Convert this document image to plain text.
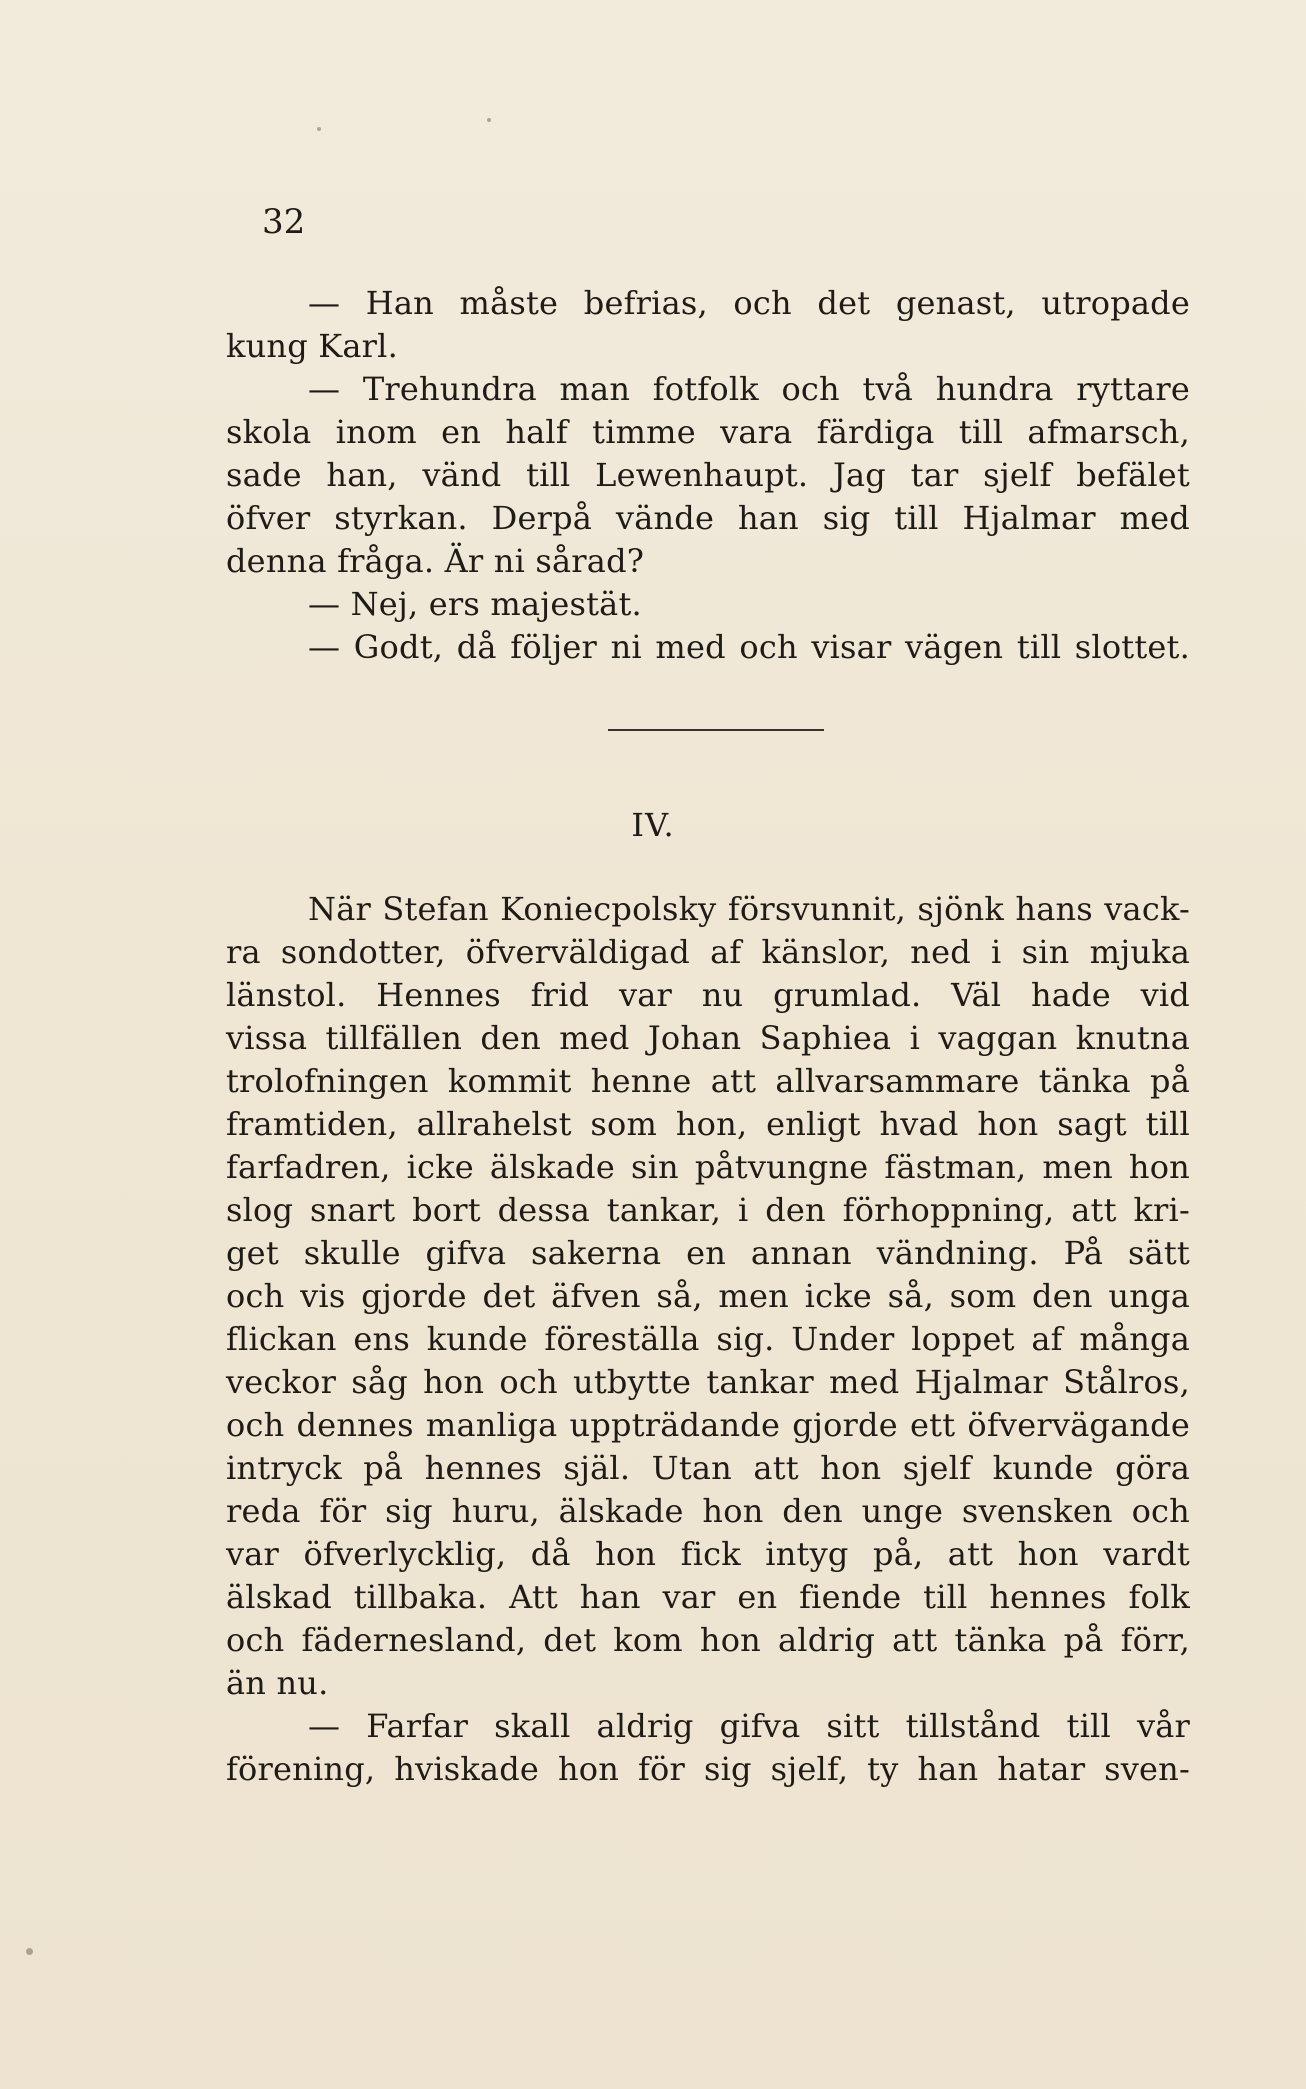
32
— Han måste befrias, och det genast, utropade
kung Karl.
— Trehundra man fotfolk och två hundra ryttare
skola inom en half timme vara färdiga till afmarsch,
sade han, vänd till Lewenhaupt. Jag tar sjelf befälet
öfver styrkan. Derpå vände han sig till Hjalmar med
denna fråga. Är ni sårad?
— Nej, ers majestät.
— Godt, då följer ni med och visar vägen till slottet.
IV.
När Stefan Koniecpolsky försvunnit, sjönk hans vack-
ra sondotter, öfverväldigad af känslor, ned i sin mjuka
länstol. Hennes frid var nu grumlad. Väl hade vid
vissa tillfällen den med Johan Saphiea i vaggan knutna
trolofningen kommit henne att allvarsammare tänka på
framtiden, allrahelst som hon, enligt hvad hon sagt till
farfadren, icke älskade sin påtvungne fästman, men hon
slog snart bort dessa tankar, i den förhoppning, att kri-
get skulle gifva sakerna en annan vändning. På sätt
och vis gjorde det äfven så, men icke så, som den unga
flickan ens kunde föreställa sig. Under loppet af många
veckor såg hon och utbytte tankar med Hjalmar Stålros,
och dennes manliga uppträdande gjorde ett öfvervägande
intryck på hennes själ. Utan att hon sjelf kunde göra
reda för sig huru, älskade hon den unge svensken och
var öfverlycklig, då hon fick intyg på, att hon vardt
älskad tillbaka. Att han var en fiende till hennes folk
och fädernesland, det kom hon aldrig att tänka på förr,
än nu.
— Farfar skall aldrig gifva sitt tillstånd till vår
förening, hviskade hon för sig sjelf, ty han hatar sven-
